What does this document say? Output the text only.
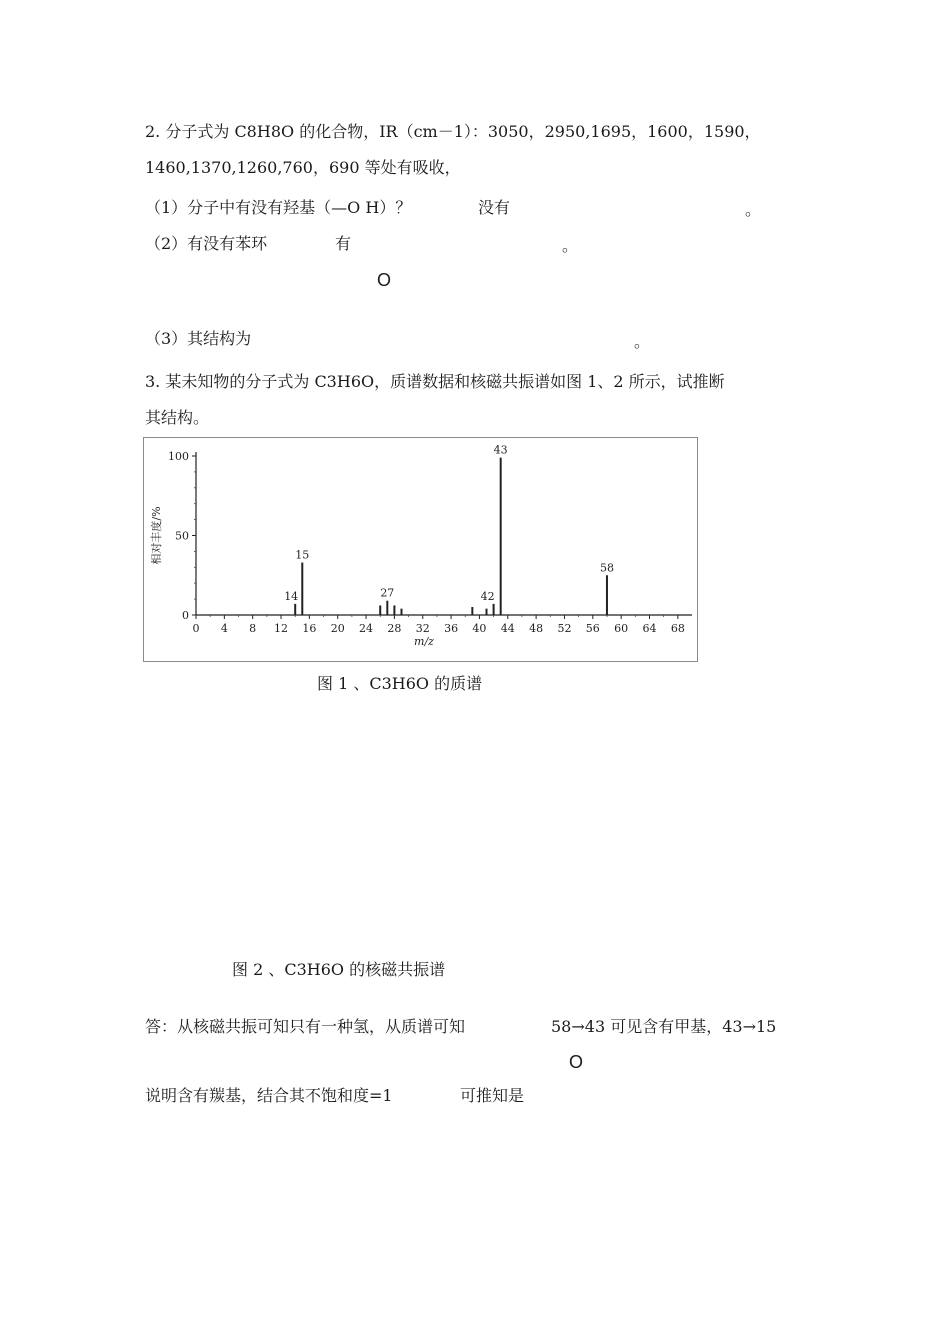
2. 分子式为 C8H8O 的化合物，IR（cm－1）：3050，2950,1695，1600，1590，
1460,1370,1260,760，690 等处有吸收，
（1）分子中有没有羟基（—O H）？	没有	。
（2）有没有苯环	有	。
O
（3）其结构为	。
3. 某未知物的分子式为 C3H6O，质谱数据和核磁共振谱如图 1、2 所示，试推断
其结构。
0 4 8 12 16 20 24 28 32 36 40 44 48 52 56 60 64 68
0
50
100
m/z
相对丰度/%
14
15
27	42
43
58
图 1 、C3H6O 的质谱
图 2 、C3H6O 的核磁共振谱
答：从核磁共振可知只有一种氢，从质谱可知	58→43 可见含有甲基，43→15
O
说明含有羰基，结合其不饱和度=1	可推知是
